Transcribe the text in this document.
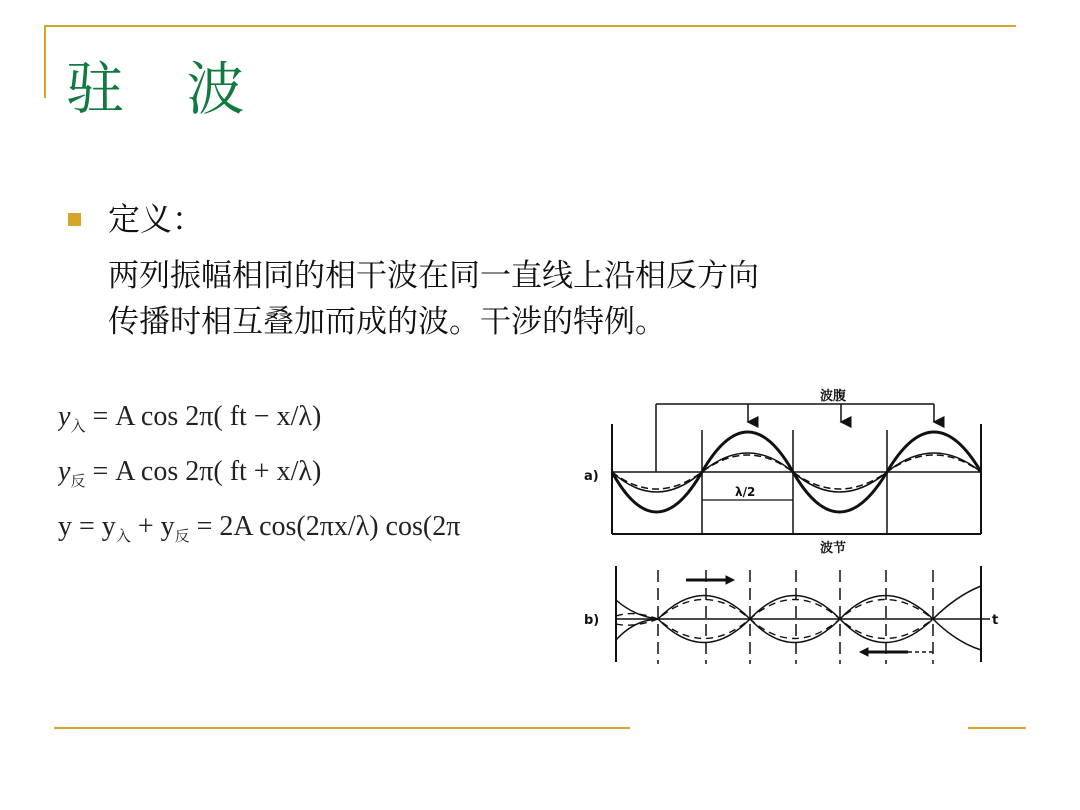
驻 波
定义：
两列振幅相同的相干波在同一直线上沿相反方向
传播时相互叠加而成的波。干涉的特例。
$y_入 = A$ cos 2π( ft − x/λ)
$y_反 = A$ cos 2π( ft + x/λ)
$y = y_入 + y_反 = 2A$ cos(2πx/λ) cos(2π
波腹
波节
λ/2
a)
b)	t
